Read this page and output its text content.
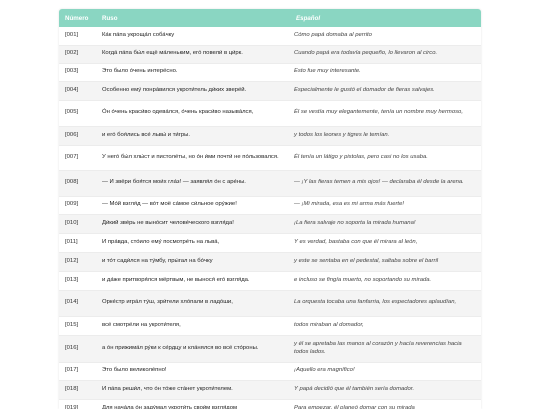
Número	Ruso	Español
[001]	Ка́к па́па укроща́л соба́чку	Cómo papá domaba al perrito
[002]	Когда́ па́па бы́л ещё ма́леньким, его́ повели́ в ци́рк.	Cuando papá era todavía pequeño, lo llevaron al circo.
[003]	Это было о́чень интере́сно.	Esto fue muy interesante.
[004]	Особенно ему́ понра́вился укроти́тель ди́ких звере́й.	Especialmente le gustó el domador de fieras salvajes.
[005]	О́н о́чень краси́во одева́лся, о́чень краси́во называ́лся,	Él se vestía muy elegantemente, tenía un nombre muy hermoso,
[006]	и его́ боя́лись все́ львы́ и ти́гры.	y todos los leones y tigres le temían.
[007]	У него́ бы́л хлы́ст и пистоле́ты, но о́н и́ми почти́ не по́льзовался.	Él tenía un látigo y pistolas, pero casi no los usaba.
[008]	— И звёри боя́тся мои́х гла́з! — заявля́л о́н с аре́ны.	— ¡Y las fieras temen a mis ojos! — declaraba él desde la arena.
[009]	— Мо́й взгля́д — во́т моё са́мое си́льное ору́жие!	— ¡Mi mirada, esa es mi arma más fuerte!
[010]	Ди́кий зве́рь не выно́сит челове́ческого взгля́да!	¡La fiera salvaje no soporta la mirada humana!
[011]	И пра́вда, сто́ило ему́ посмотре́ть на льва́,	Y es verdad, bastaba con que él mirara al león,
[012]	и то́т сади́лся на ту́мбу, пры́гал на бо́чку	y este se sentaba en el pedestal, saltaba sobre el barril
[013]	и да́же притворя́лся мёртвым, не вынося́ его́ взгля́да.	e incluso se fingía muerto, no soportando su mirada.
[014]	Орке́стр игра́л ту́ш, зри́тели хло́пали в ладо́ши,	La orquesta tocaba una fanfarria, los espectadores aplaudían,
[015]	все́ смотре́ли на укроти́теля,	todos miraban al domador,
[016]	а о́н прижима́л ру́ки к се́рдцу и кла́нялся во все́ сто́роны.	y él se apretaba las manos al corazón y hacía reverencias hacia todos lados.
[017]	Это было великоле́пно!	¡Aquello era magnífico!
[018]	И па́па реши́л, что о́н то́же ста́нет укроти́телем.	Y papá decidió que él también sería domador.
[019]	Для нача́ла о́н заду́мал укроти́ть свои́м взгля́дом	Para empezar, él planeó domar con su mirada
